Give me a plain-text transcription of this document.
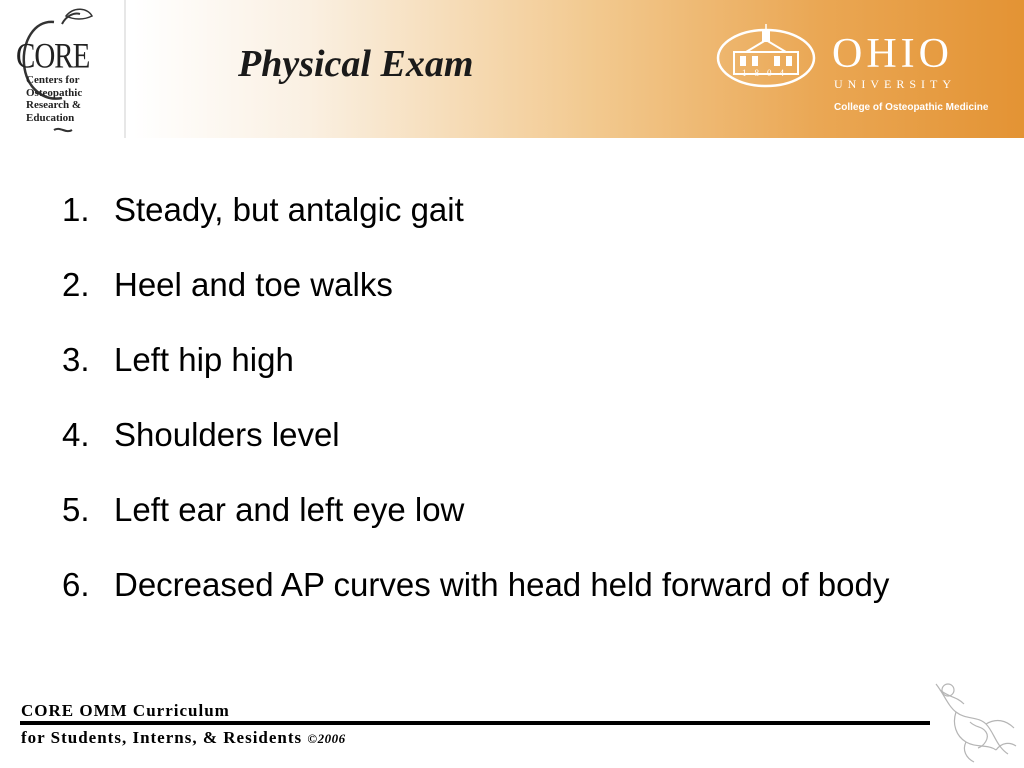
CORE
Centers for
Osteopathic
Research &
Education
Physical Exam	1804 OHIO
UNIVERSITY
College of Osteopathic Medicine
1. Steady, but antalgic gait
2. Heel and toe walks
3. Left hip high
4. Shoulders level
5. Left ear and left eye low
6. Decreased AP curves with head held forward of body
CORE OMM Curriculum
for Students, Interns, & Residents ©2006
